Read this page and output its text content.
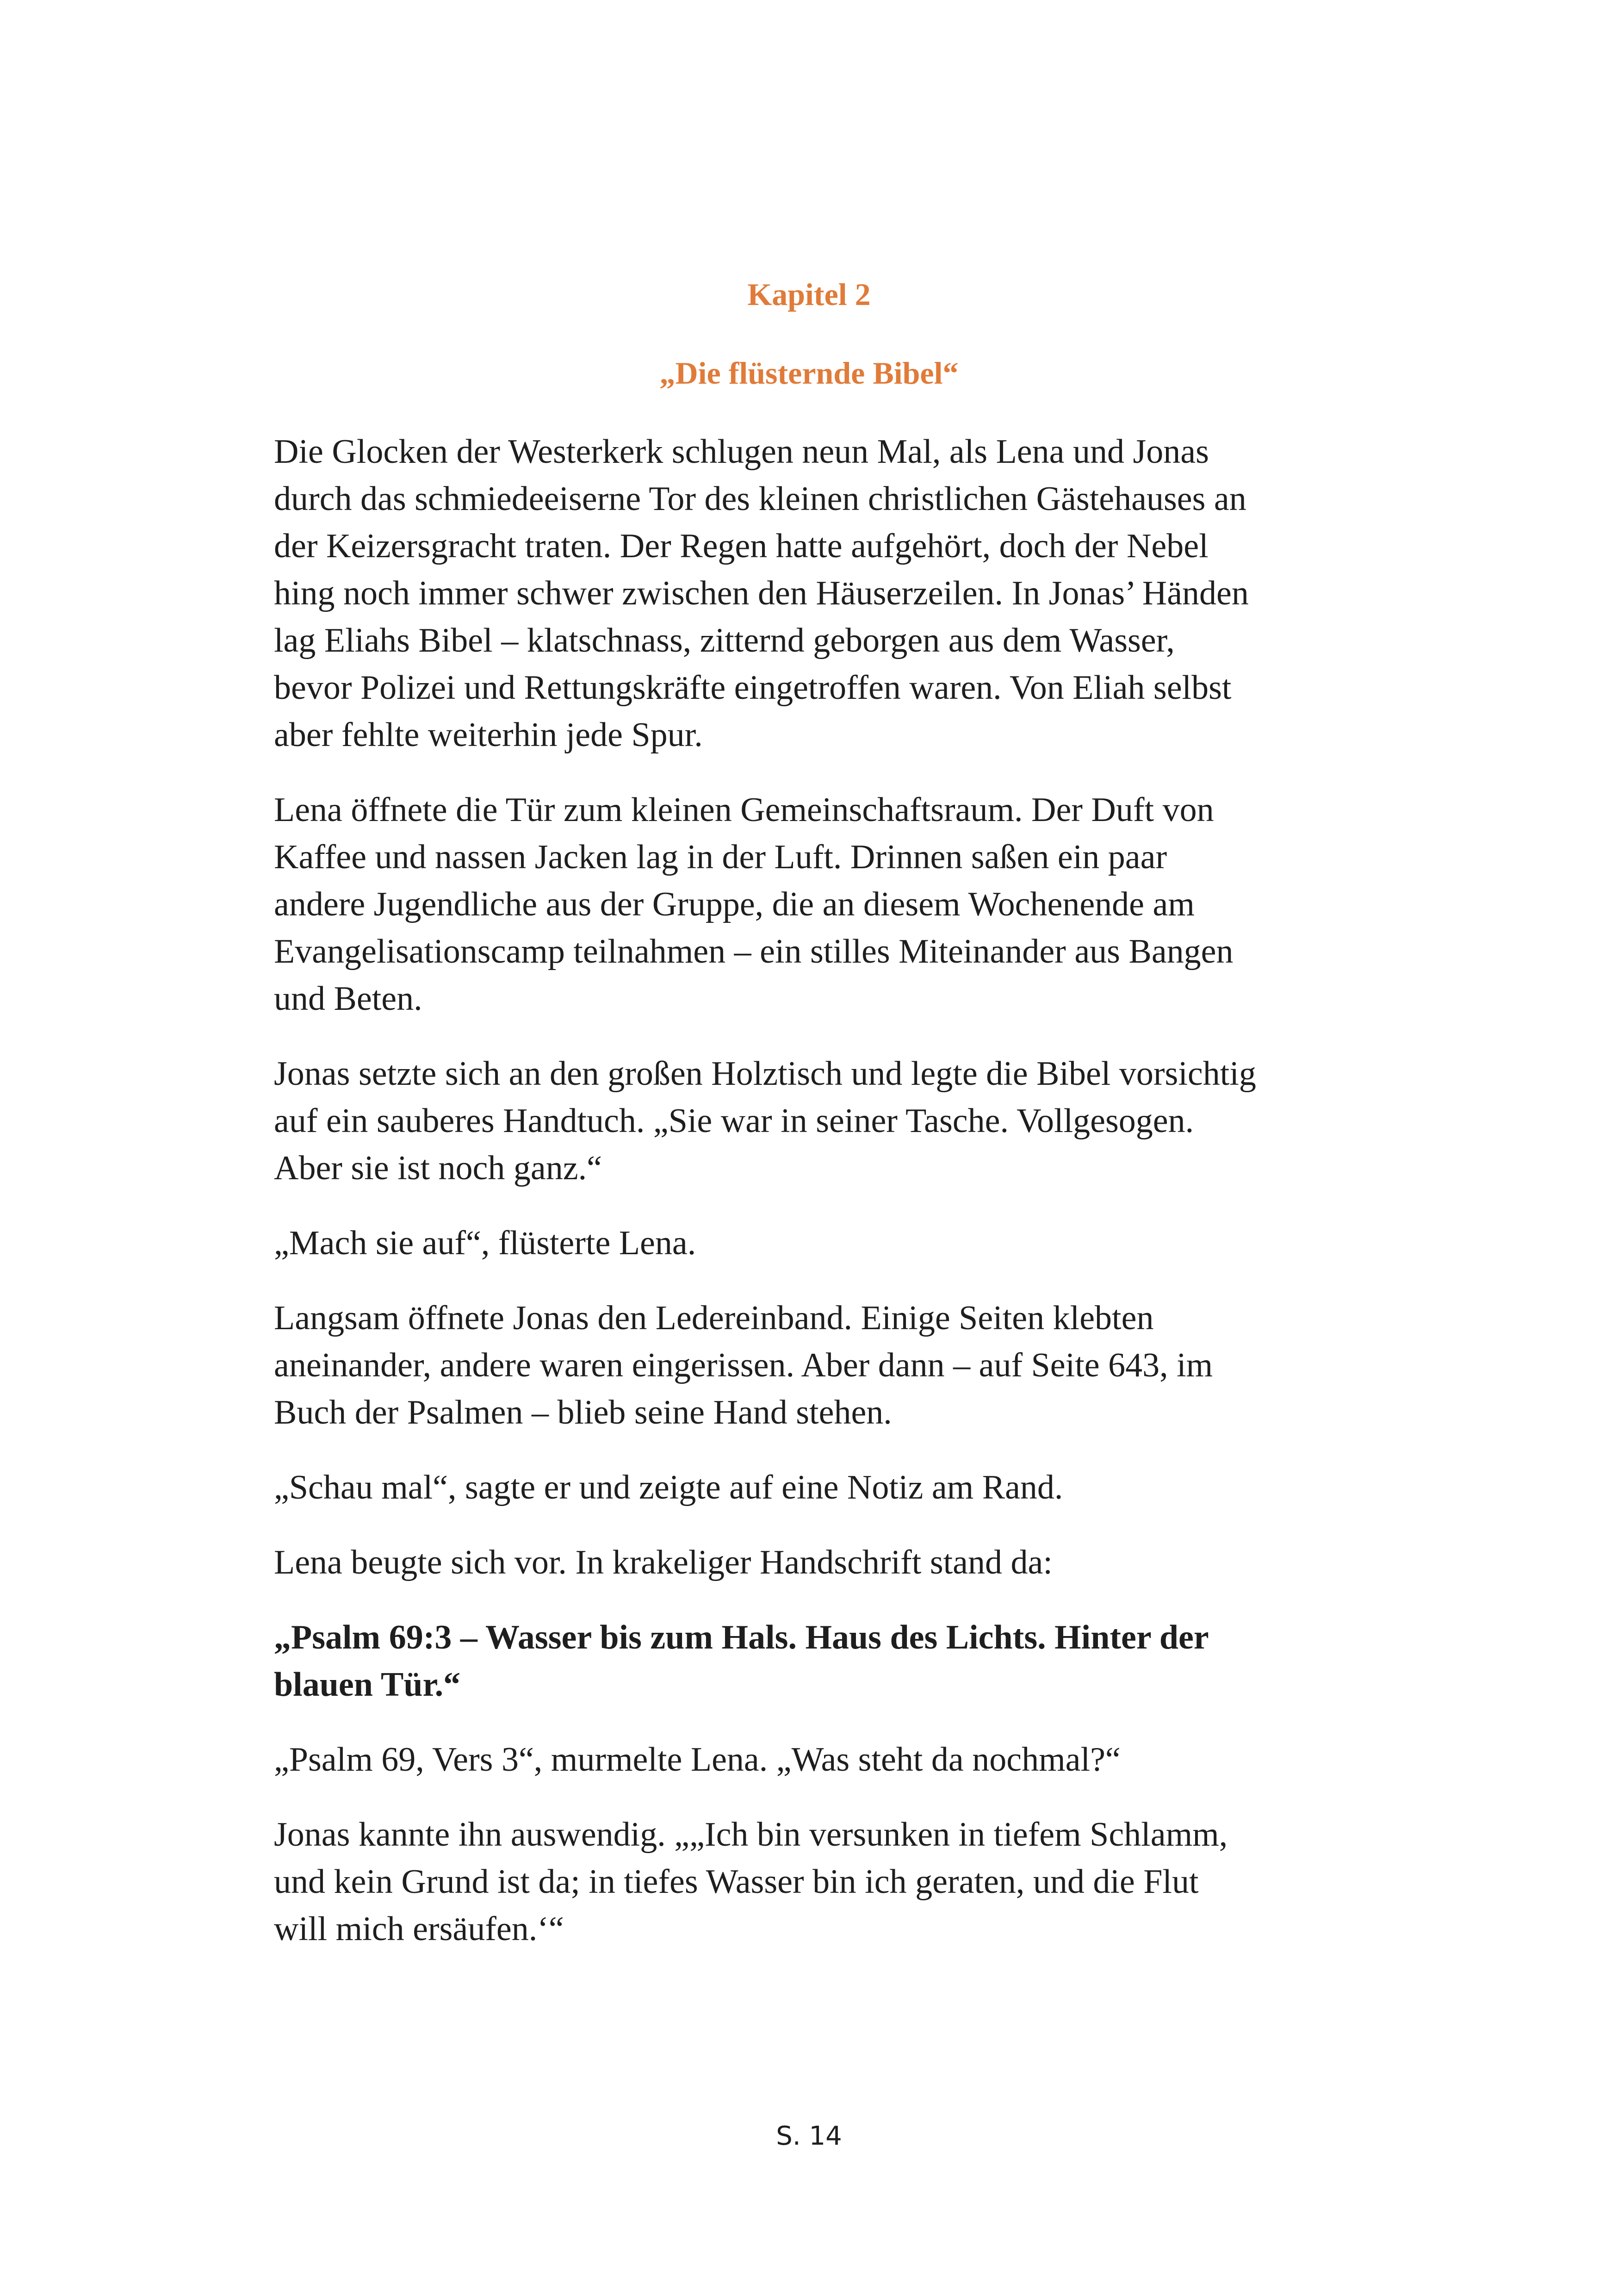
Kapitel 2
„Die flüsternde Bibel“

Die Glocken der Westerkerk schlugen neun Mal, als Lena und Jonas
durch das schmiedeeiserne Tor des kleinen christlichen Gästehauses an
der Keizersgracht traten. Der Regen hatte aufgehört, doch der Nebel
hing noch immer schwer zwischen den Häuserzeilen. In Jonas’ Händen
lag Eliahs Bibel – klatschnass, zitternd geborgen aus dem Wasser,
bevor Polizei und Rettungskräfte eingetroffen waren. Von Eliah selbst
aber fehlte weiterhin jede Spur.

Lena öffnete die Tür zum kleinen Gemeinschaftsraum. Der Duft von
Kaffee und nassen Jacken lag in der Luft. Drinnen saßen ein paar
andere Jugendliche aus der Gruppe, die an diesem Wochenende am
Evangelisationscamp teilnahmen – ein stilles Miteinander aus Bangen
und Beten.

Jonas setzte sich an den großen Holztisch und legte die Bibel vorsichtig
auf ein sauberes Handtuch. „Sie war in seiner Tasche. Vollgesogen.
Aber sie ist noch ganz.“

„Mach sie auf“, flüsterte Lena.

Langsam öffnete Jonas den Ledereinband. Einige Seiten klebten
aneinander, andere waren eingerissen. Aber dann – auf Seite 643, im
Buch der Psalmen – blieb seine Hand stehen.

„Schau mal“, sagte er und zeigte auf eine Notiz am Rand.

Lena beugte sich vor. In krakeliger Handschrift stand da:

„Psalm 69:3 – Wasser bis zum Hals. Haus des Lichts. Hinter der
blauen Tür.“

„Psalm 69, Vers 3“, murmelte Lena. „Was steht da nochmal?“

Jonas kannte ihn auswendig. „„Ich bin versunken in tiefem Schlamm,
und kein Grund ist da; in tiefes Wasser bin ich geraten, und die Flut
will mich ersäufen.‘“

S. 14
